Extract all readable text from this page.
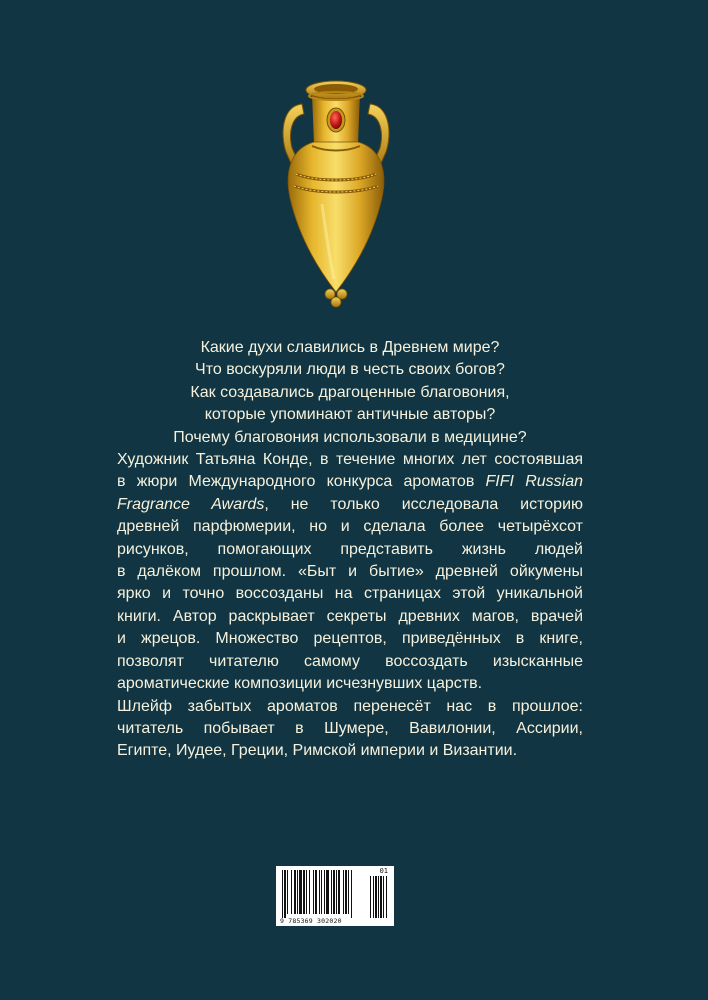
Какие духи славились в Древнем мире?
Что воскуряли люди в честь своих богов?
Как создавались драгоценные благовония,
которые упоминают античные авторы?
Почему благовония использовали в медицине?
Художник Татьяна Конде, в течение многих лет состоявшая
в жюри Международного конкурса ароматов FIFI Russian
Fragrance Awards, не только исследовала историю
древней парфюмерии, но и сделала более четырёхсот
рисунков, помогающих представить жизнь людей
в далёком прошлом. «Быт и бытие» древней ойкумены
ярко и точно воссозданы на страницах этой уникальной
книги. Автор раскрывает секреты древних магов, врачей
и жрецов. Множество рецептов, приведённых в книге,
позволят читателю самому воссоздать изысканные
ароматические композиции исчезнувших царств.
Шлейф забытых ароматов перенесёт нас в прошлое:
читатель побывает в Шумере, Вавилонии, Ассирии,
Египте, Иудее, Греции, Римской империи и Византии.
01
9 785369 302020
